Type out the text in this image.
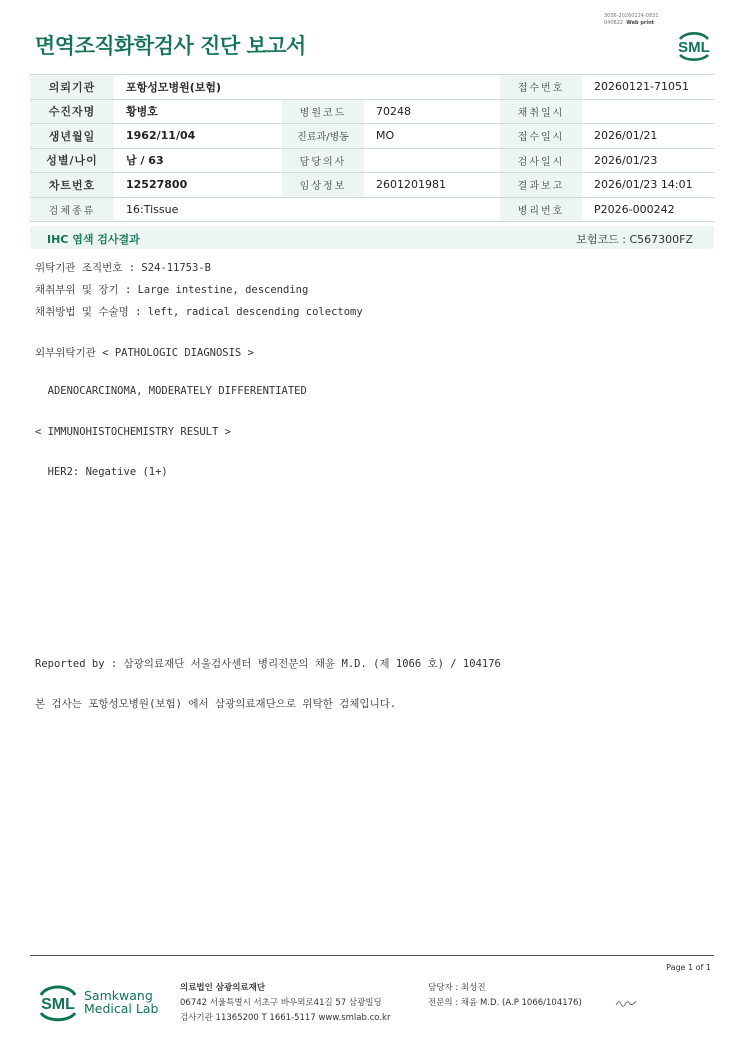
3036-20260124-0831
040822 Web print
면역조직화학검사 진단 보고서	SML
의뢰기관	포항성모병원(보험)			접수번호	20260121-71051
수진자명	황병호	병원코드	70248	채취일시	
생년월일	1962/11/04	진료과/병동	MO	접수일시	2026/01/21
성별/나이	남 / 63	담당의사		검사일시	2026/01/23
차트번호	12527800	임상정보	2601201981	결과보고	2026/01/23 14:01
검체종류	16:Tissue			병리번호	P2026-000242
IHC 염색 검사결과	보험코드 : C567300FZ
위탁기관 조직번호 : S24-11753-B
채취부위 및 장기 : Large intestine, descending
채취방법 및 수술명 : left, radical descending colectomy
외부위탁기관 < PATHOLOGIC DIAGNOSIS >
ADENOCARCINOMA, MODERATELY DIFFERENTIATED
< IMMUNOHISTOCHEMISTRY RESULT >
HER2: Negative (1+)
Reported by : 삼광의료재단 서울검사센터 병리전문의 채윤 M.D. (제 1066 호) / 104176
본 검사는 포항성모병원(보험) 에서 삼광의료재단으로 위탁한 검체입니다.
Page 1 of 1
SML
Samkwang
Medical Lab
의료법인 삼광의료재단
06742 서울특별시 서초구 바우뫼로41길 57 삼광빌딩
검사기관 11365200 T 1661-5117 www.smlab.co.kr
담당자 : 최성진
전문의 : 채윤 M.D. (A.P 1066/104176)
